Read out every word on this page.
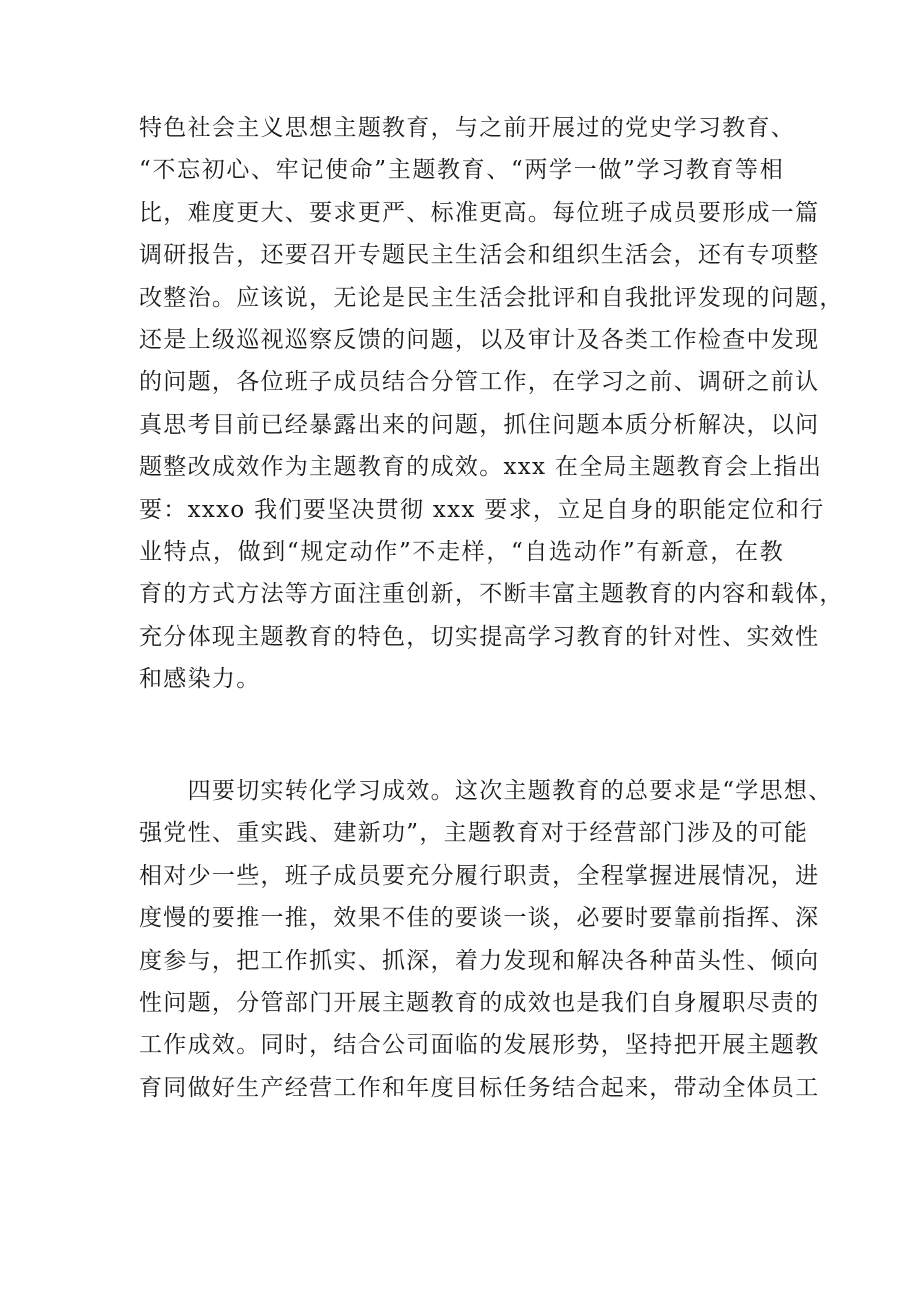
特色社会主义思想主题教育，与之前开展过的党史学习教育、
“不忘初心、牢记使命”主题教育、“两学一做”学习教育等相
比，难度更大、要求更严、标准更高。每位班子成员要形成一篇
调研报告，还要召开专题民主生活会和组织生活会，还有专项整
改整治。应该说，无论是民主生活会批评和自我批评发现的问题，
还是上级巡视巡察反馈的问题，以及审计及各类工作检查中发现
的问题，各位班子成员结合分管工作，在学习之前、调研之前认
真思考目前已经暴露出来的问题，抓住问题本质分析解决，以问
题整改成效作为主题教育的成效。xxx 在全局主题教育会上指出
要：xxxo 我们要坚决贯彻 xxx 要求，立足自身的职能定位和行
业特点，做到“规定动作”不走样，“自选动作”有新意，在教
育的方式方法等方面注重创新，不断丰富主题教育的内容和载体，
充分体现主题教育的特色，切实提高学习教育的针对性、实效性
和感染力。
　　四要切实转化学习成效。这次主题教育的总要求是“学思想、
强党性、重实践、建新功”，主题教育对于经营部门涉及的可能
相对少一些，班子成员要充分履行职责，全程掌握进展情况，进
度慢的要推一推，效果不佳的要谈一谈，必要时要靠前指挥、深
度参与，把工作抓实、抓深，着力发现和解决各种苗头性、倾向
性问题，分管部门开展主题教育的成效也是我们自身履职尽责的
工作成效。同时，结合公司面临的发展形势，坚持把开展主题教
育同做好生产经营工作和年度目标任务结合起来，带动全体员工
